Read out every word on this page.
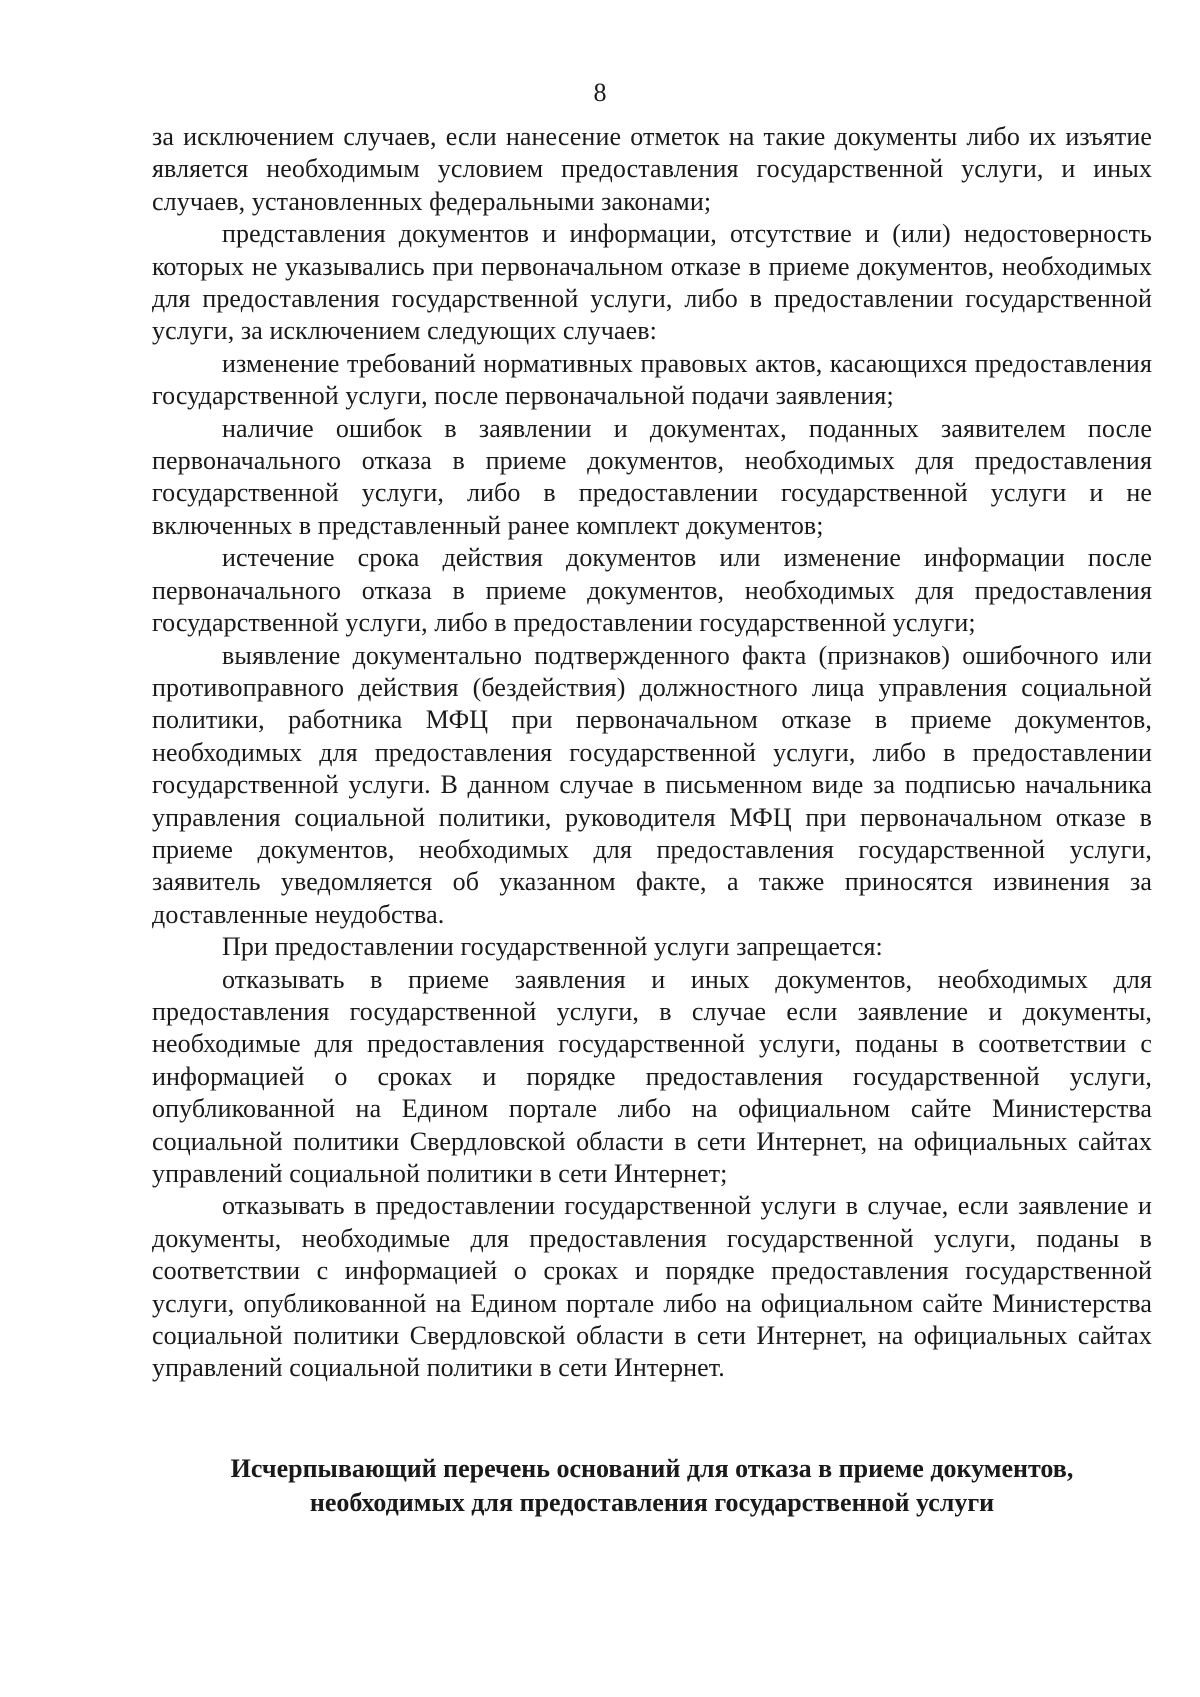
8

за исключением случаев, если нанесение отметок на такие документы либо их изъятие является необходимым условием предоставления государственной услуги, и иных случаев, установленных федеральными законами;

представления документов и информации, отсутствие и (или) недостоверность которых не указывались при первоначальном отказе в приеме документов, необходимых для предоставления государственной услуги, либо в предоставлении государственной услуги, за исключением следующих случаев:

изменение требований нормативных правовых актов, касающихся предоставления государственной услуги, после первоначальной подачи заявления;

наличие ошибок в заявлении и документах, поданных заявителем после первоначального отказа в приеме документов, необходимых для предоставления государственной услуги, либо в предоставлении государственной услуги и не включенных в представленный ранее комплект документов;

истечение срока действия документов или изменение информации после первоначального отказа в приеме документов, необходимых для предоставления государственной услуги, либо в предоставлении государственной услуги;

выявление документально подтвержденного факта (признаков) ошибочного или противоправного действия (бездействия) должностного лица управления социальной политики, работника МФЦ при первоначальном отказе в приеме документов, необходимых для предоставления государственной услуги, либо в предоставлении государственной услуги. В данном случае в письменном виде за подписью начальника управления социальной политики, руководителя МФЦ при первоначальном отказе в приеме документов, необходимых для предоставления государственной услуги, заявитель уведомляется об указанном факте, а также приносятся извинения за доставленные неудобства.

При предоставлении государственной услуги запрещается:

отказывать в приеме заявления и иных документов, необходимых для предоставления государственной услуги, в случае если заявление и документы, необходимые для предоставления государственной услуги, поданы в соответствии с информацией о сроках и порядке предоставления государственной услуги, опубликованной на Едином портале либо на официальном сайте Министерства социальной политики Свердловской области в сети Интернет, на официальных сайтах управлений социальной политики в сети Интернет;

отказывать в предоставлении государственной услуги в случае, если заявление и документы, необходимые для предоставления государственной услуги, поданы в соответствии с информацией о сроках и порядке предоставления государственной услуги, опубликованной на Едином портале либо на официальном сайте Министерства социальной политики Свердловской области в сети Интернет, на официальных сайтах управлений социальной политики в сети Интернет.

Исчерпывающий перечень оснований для отказа в приеме документов,
необходимых для предоставления государственной услуги
